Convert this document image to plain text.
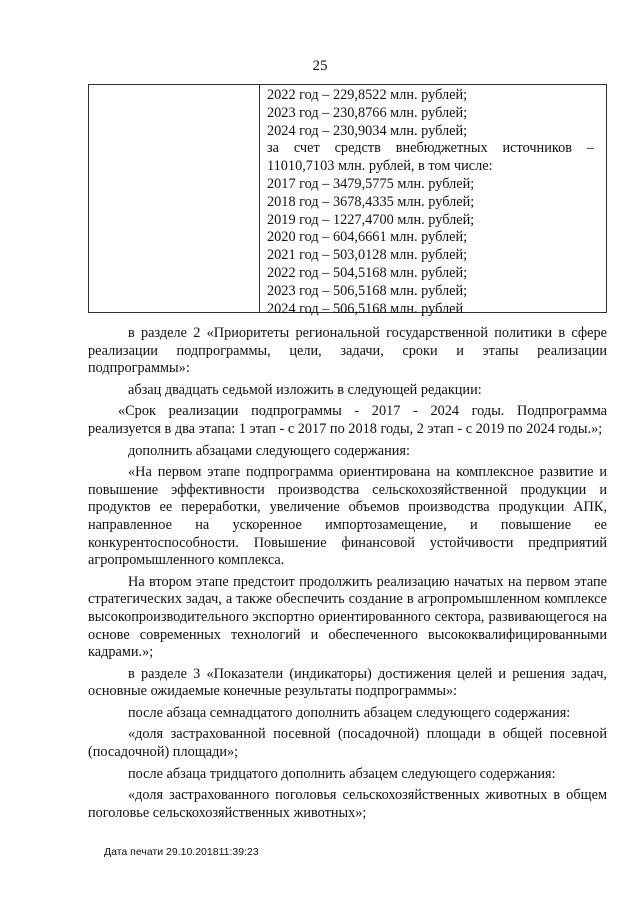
25
2022 год – 229,8522 млн. рублей;
2023 год – 230,8766 млн. рублей;
2024 год – 230,9034 млн. рублей;
за счет средств внебюджетных источников –
11010,7103 млн. рублей, в том числе:
2017 год – 3479,5775 млн. рублей;
2018 год – 3678,4335 млн. рублей;
2019 год – 1227,4700 млн. рублей;
2020 год – 604,6661 млн. рублей;
2021 год – 503,0128 млн. рублей;
2022 год – 504,5168 млн. рублей;
2023 год – 506,5168 млн. рублей;
2024 год – 506,5168 млн. рублей

в разделе 2 «Приоритеты региональной государственной политики в сфере реализации подпрограммы, цели, задачи, сроки и этапы реализации подпрограммы»:

абзац двадцать седьмой изложить в следующей редакции:

«Срок реализации подпрограммы - 2017 - 2024 годы. Подпрограмма реализуется в два этапа: 1 этап - с 2017 по 2018 годы, 2 этап - с 2019 по 2024 годы.»;

дополнить абзацами следующего содержания:

«На первом этапе подпрограмма ориентирована на комплексное развитие и повышение эффективности производства сельскохозяйственной продукции и продуктов ее переработки, увеличение объемов производства продукции АПК, направленное на ускоренное импортозамещение, и повышение ее конкурентоспособности. Повышение финансовой устойчивости предприятий агропромышленного комплекса.

На втором этапе предстоит продолжить реализацию начатых на первом этапе стратегических задач, а также обеспечить создание в агропромышленном комплексе высокопроизводительного экспортно ориентированного сектора, развивающегося на основе современных технологий и обеспеченного высококвалифицированными кадрами.»;

в разделе 3 «Показатели (индикаторы) достижения целей и решения задач, основные ожидаемые конечные результаты подпрограммы»:

после абзаца семнадцатого дополнить абзацем следующего содержания:

«доля застрахованной посевной (посадочной) площади в общей посевной (посадочной) площади»;

после абзаца тридцатого дополнить абзацем следующего содержания:

«доля застрахованного поголовья сельскохозяйственных животных в общем поголовье сельскохозяйственных животных»;

Дата печати 29.10.201811:39:23
